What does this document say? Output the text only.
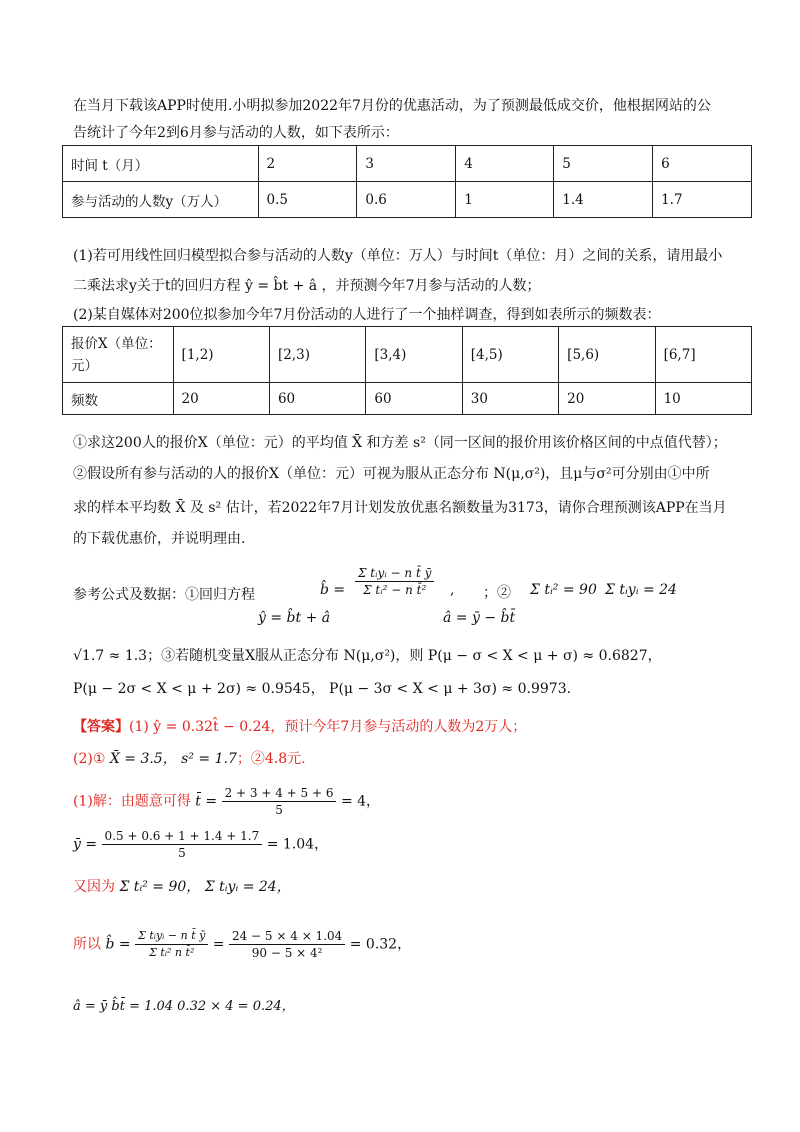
在当月下载该APP时使用.小明拟参加2022年7月份的优惠活动，为了预测最低成交价，他根据网站的公
告统计了今年2到6月参与活动的人数，如下表所示：
时间 t（月）	2	3	4	5	6
参与活动的人数y（万人）	0.5	0.6	1	1.4	1.7
(1)若可用线性回归模型拟合参与活动的人数y（单位：万人）与时间t（单位：月）之间的关系，请用最小
二乘法求y关于t的回归方程 ŷ = b̂t + â ，并预测今年7月参与活动的人数；
(2)某自媒体对200位拟参加今年7月份活动的人进行了一个抽样调查，得到如表所示的频数表：
报价X（单位：元）	[1,2)	[2,3)	[3,4)	[4,5)	[5,6)	[6,7]
频数	20	60	60	30	20	10
①求这200人的报价X（单位：元）的平均值 X̄ 和方差 s²（同一区间的报价用该价格区间的中点值代替）；
②假设所有参与活动的人的报价X（单位：元）可视为服从正态分布 N(μ,σ²)，且μ与σ²可分别由①中所
求的样本平均数 X̄ 及 s² 估计，若2022年7月计划发放优惠名额数量为3173，请你合理预测该APP在当月
的下载优惠价，并说明理由.
参考公式及数据：①回归方程
ŷ = b̂t + â
b̂ =
Σ tᵢyᵢ − n t̄ ȳ
Σ tᵢ² − n t̄²	,
â = ȳ − b̂t̄
；② Σ tᵢ² = 90 Σ tᵢyᵢ = 24
√1.7 ≈ 1.3；③若随机变量X服从正态分布 N(μ,σ²)，则 P(μ − σ < X < μ + σ) ≈ 0.6827，
P(μ − 2σ < X < μ + 2σ) ≈ 0.9545， P(μ − 3σ < X < μ + 3σ) ≈ 0.9973.
【答案】(1) ŷ = 0.32t̂ − 0.24，预计今年7月参与活动的人数为2万人；
(2)① X̄ = 3.5， s² = 1.7；②4.8元.
(1)解：由题意可得 t̄ = $\frac{2 + 3 + 4 + 5 + 6}{5} = 4$，
ȳ = $\frac{0.5 + 0.6 + 1 + 1.4 + 1.7}{5} = 1.04$，
又因为 Σ tᵢ² = 90， Σ tᵢyᵢ = 24，
所以 b̂ = $\frac{\text{Σ tᵢyᵢ − n t̄ ȳ}}{\text{Σ tᵢ² n t̄²}} = \frac{24 - 5 \times 4 \times 1.04}{\text{90 − 5 × 4²}} = 0.32$，
â = ȳ b̂t̄ = 1.04 0.32 × 4 = 0.24，
